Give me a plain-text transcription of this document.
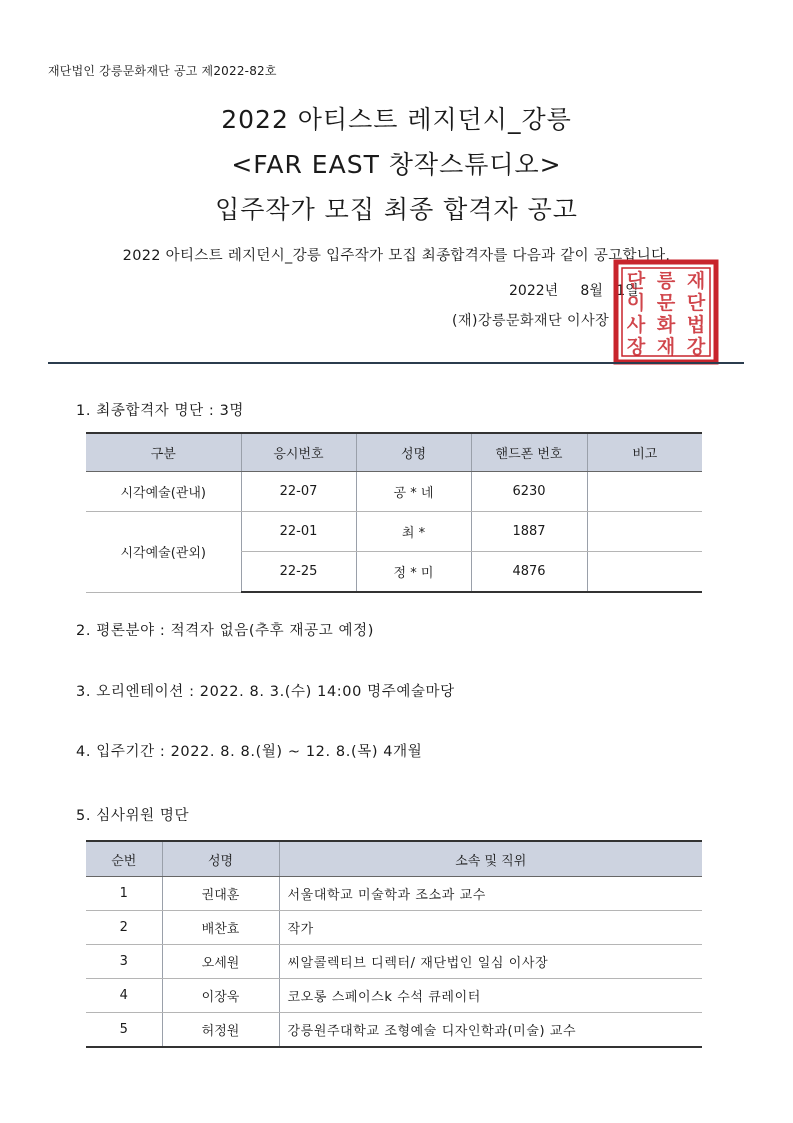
재단법인 강릉문화재단 공고 제2022-82호
2022 아티스트 레지던시_강릉
<FAR EAST 창작스튜디오>
입주작가 모집 최종 합격자 공고
2022 아티스트 레지던시_강릉 입주작가 모집 최종합격자를 다음과 같이 공고합니다.
2022년 8월 1일
(재)강릉문화재단 이사장
재
단
법
강
릉
문
화
재
단
이
사
장
1. 최종합격자 명단 : 3명
구분	응시번호	성명	핸드폰 번호	비고
시각예술(관내)	22-07	공 * 네	6230	
시각예술(관외)	22-01	최 *	1887	
	22-25	정 * 미	4876	
2. 평론분야 : 적격자 없음(추후 재공고 예정)
3. 오리엔테이션 : 2022. 8. 3.(수) 14:00 명주예술마당
4. 입주기간 : 2022. 8. 8.(월) ~ 12. 8.(목) 4개월
5. 심사위원 명단
순번	성명	소속 및 직위
1	권대훈	서울대학교 미술학과 조소과 교수
2	배찬효	작가
3	오세원	씨알콜렉티브 디렉터/ 재단법인 일심 이사장
4	이장욱	코오롱 스페이스k 수석 큐레이터
5	허정원	강릉원주대학교 조형예술 디자인학과(미술) 교수
